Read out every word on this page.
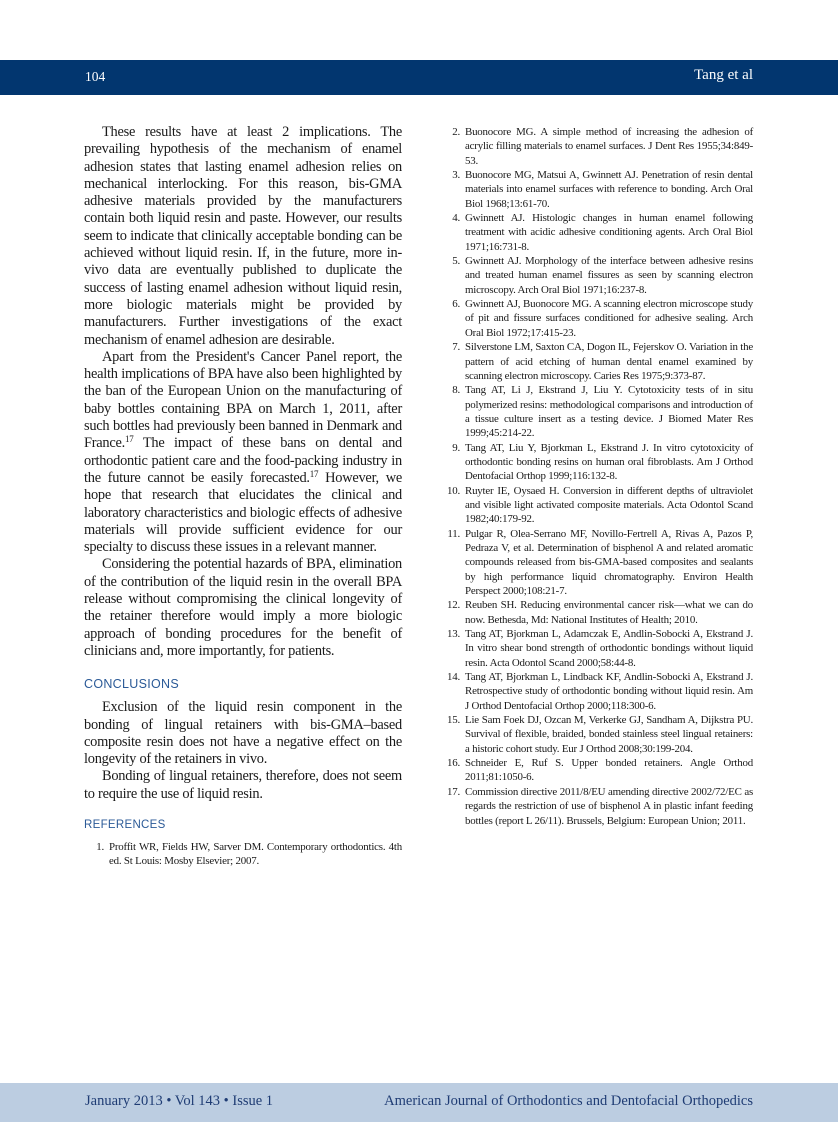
104	Tang et al

These results have at least 2 implications. The prevailing hypothesis of the mechanism of enamel adhesion states that lasting enamel adhesion relies on mechanical interlocking. For this reason, bis-GMA adhesive materials provided by the manufacturers contain both liquid resin and paste. However, our results seem to indicate that clinically acceptable bonding can be achieved without liquid resin. If, in the future, more in-vivo data are eventually published to duplicate the success of lasting enamel adhesion without liquid resin, more biologic materials might be provided by manufacturers. Further investigations of the exact mechanism of enamel adhesion are desirable.

Apart from the President's Cancer Panel report, the health implications of BPA have also been highlighted by the ban of the European Union on the manufacturing of baby bottles containing BPA on March 1, 2011, after such bottles had previously been banned in Denmark and France.$^{17}$ The impact of these bans on dental and orthodontic patient care and the food-packing industry in the future cannot be easily forecasted.$^{17}$ However, we hope that research that elucidates the clinical and laboratory characteristics and biologic effects of adhesive materials will provide sufficient evidence for our specialty to discuss these issues in a relevant manner.

Considering the potential hazards of BPA, elimination of the contribution of the liquid resin in the overall BPA release without compromising the clinical longevity of the retainer therefore would imply a more biologic approach of bonding procedures for the benefit of clinicians and, more importantly, for patients.

CONCLUSIONS

Exclusion of the liquid resin component in the bonding of lingual retainers with bis-GMA–based composite resin does not have a negative effect on the longevity of the retainers in vivo.

Bonding of lingual retainers, therefore, does not seem to require the use of liquid resin.

REFERENCES
1. Proffit WR, Fields HW, Sarver DM. Contemporary orthodontics. 4th ed. St Louis: Mosby Elsevier; 2007.
2. Buonocore MG. A simple method of increasing the adhesion of acrylic filling materials to enamel surfaces. J Dent Res 1955;34:849-53.
3. Buonocore MG, Matsui A, Gwinnett AJ. Penetration of resin dental materials into enamel surfaces with reference to bonding. Arch Oral Biol 1968;13:61-70.
4. Gwinnett AJ. Histologic changes in human enamel following treatment with acidic adhesive conditioning agents. Arch Oral Biol 1971;16:731-8.
5. Gwinnett AJ. Morphology of the interface between adhesive resins and treated human enamel fissures as seen by scanning electron microscopy. Arch Oral Biol 1971;16:237-8.
6. Gwinnett AJ, Buonocore MG. A scanning electron microscope study of pit and fissure surfaces conditioned for adhesive sealing. Arch Oral Biol 1972;17:415-23.
7. Silverstone LM, Saxton CA, Dogon IL, Fejerskov O. Variation in the pattern of acid etching of human dental enamel examined by scanning electron microscopy. Caries Res 1975;9:373-87.
8. Tang AT, Li J, Ekstrand J, Liu Y. Cytotoxicity tests of in situ polymerized resins: methodological comparisons and introduction of a tissue culture insert as a testing device. J Biomed Mater Res 1999;45:214-22.
9. Tang AT, Liu Y, Bjorkman L, Ekstrand J. In vitro cytotoxicity of orthodontic bonding resins on human oral fibroblasts. Am J Orthod Dentofacial Orthop 1999;116:132-8.
10. Ruyter IE, Oysaed H. Conversion in different depths of ultraviolet and visible light activated composite materials. Acta Odontol Scand 1982;40:179-92.
11. Pulgar R, Olea-Serrano MF, Novillo-Fertrell A, Rivas A, Pazos P, Pedraza V, et al. Determination of bisphenol A and related aromatic compounds released from bis-GMA-based composites and sealants by high performance liquid chromatography. Environ Health Perspect 2000;108:21-7.
12. Reuben SH. Reducing environmental cancer risk—what we can do now. Bethesda, Md: National Institutes of Health; 2010.
13. Tang AT, Bjorkman L, Adamczak E, Andlin-Sobocki A, Ekstrand J. In vitro shear bond strength of orthodontic bondings without liquid resin. Acta Odontol Scand 2000;58:44-8.
14. Tang AT, Bjorkman L, Lindback KF, Andlin-Sobocki A, Ekstrand J. Retrospective study of orthodontic bonding without liquid resin. Am J Orthod Dentofacial Orthop 2000;118:300-6.
15. Lie Sam Foek DJ, Ozcan M, Verkerke GJ, Sandham A, Dijkstra PU. Survival of flexible, braided, bonded stainless steel lingual retainers: a historic cohort study. Eur J Orthod 2008;30:199-204.
16. Schneider E, Ruf S. Upper bonded retainers. Angle Orthod 2011;81:1050-6.
17. Commission directive 2011/8/EU amending directive 2002/72/EC as regards the restriction of use of bisphenol A in plastic infant feeding bottles (report L 26/11). Brussels, Belgium: European Union; 2011.
January 2013 • Vol 143 • Issue 1	American Journal of Orthodontics and Dentofacial Orthopedics
